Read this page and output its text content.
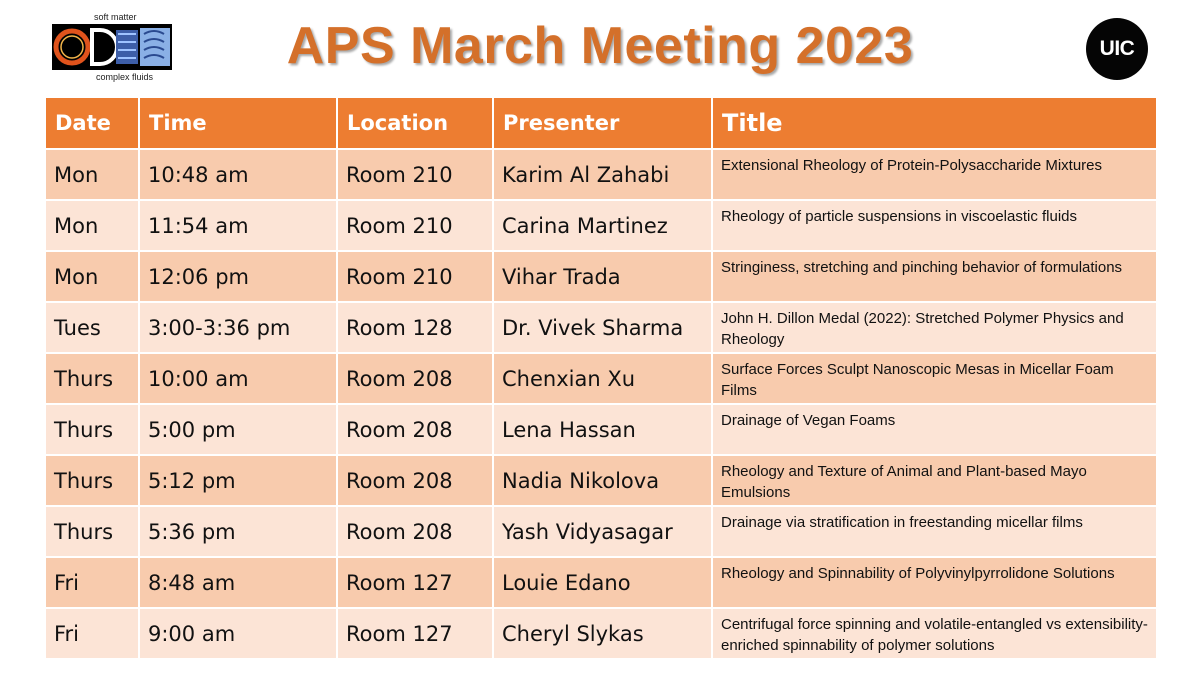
soft matter
complex fluids
APS March Meeting 2023	UIC
Date	Time	Location	Presenter	Title
Mon	10:48 am	Room 210	Karim Al Zahabi	Extensional Rheology of Protein-Polysaccharide Mixtures
Mon	11:54 am	Room 210	Carina Martinez	Rheology of particle suspensions in viscoelastic fluids
Mon	12:06 pm	Room 210	Vihar Trada	Stringiness, stretching and pinching behavior of formulations
Tues	3:00-3:36 pm	Room 128	Dr. Vivek Sharma	John H. Dillon Medal (2022): Stretched Polymer Physics and Rheology
Thurs	10:00 am	Room 208	Chenxian Xu	Surface Forces Sculpt Nanoscopic Mesas in Micellar Foam Films
Thurs	5:00 pm	Room 208	Lena Hassan	Drainage of Vegan Foams
Thurs	5:12 pm	Room 208	Nadia Nikolova	Rheology and Texture of Animal and Plant-based Mayo Emulsions
Thurs	5:36 pm	Room 208	Yash Vidyasagar	Drainage via stratification in freestanding micellar films
Fri	8:48 am	Room 127	Louie Edano	Rheology and Spinnability of Polyvinylpyrrolidone Solutions
Fri	9:00 am	Room 127	Cheryl Slykas	Centrifugal force spinning and volatile-entangled vs extensibility-enriched spinnability of polymer solutions
